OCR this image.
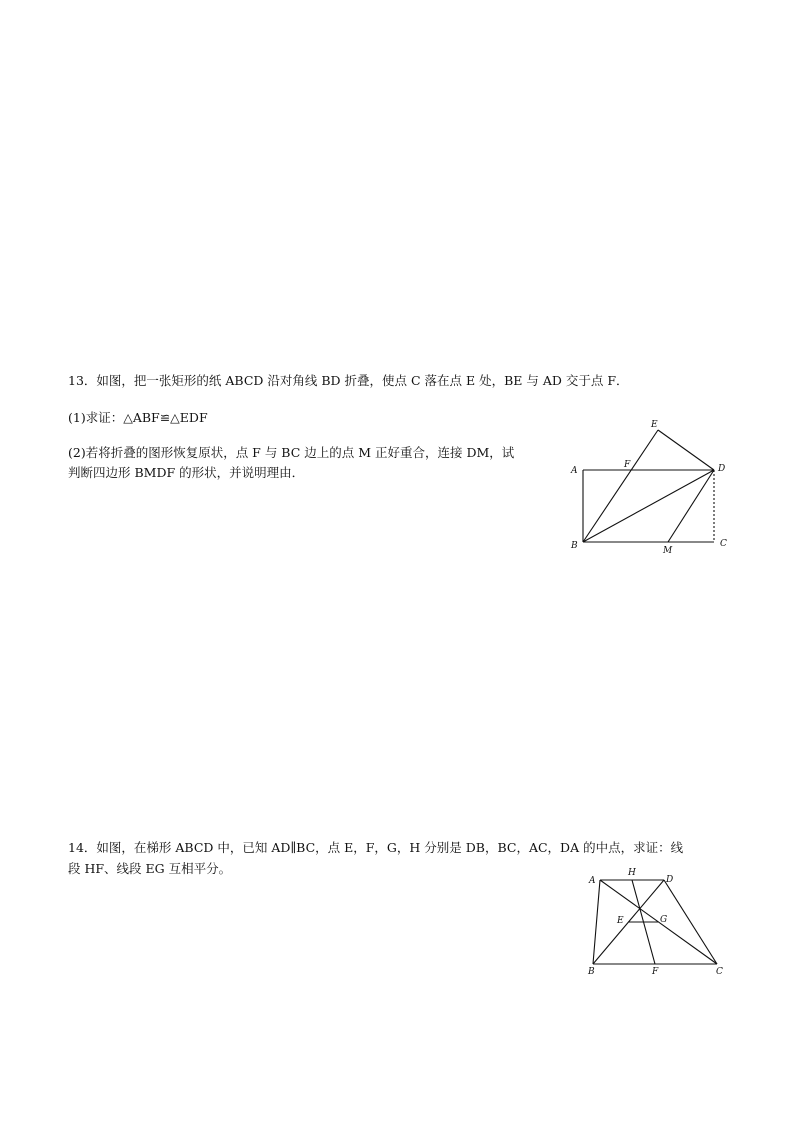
13．如图，把一张矩形的纸 ABCD 沿对角线 BD 折叠，使点 C 落在点 E 处，BE 与 AD 交于点 F．
(1)求证：△ABF≌△EDF
(2)若将折叠的图形恢复原状，点 F 与 BC 边上的点 M 正好重合，连接 DM，试
判断四边形 BMDF 的形状，并说明理由．
E
A
F	D
B	M
C
14．如图，在梯形 ABCD 中，已知 AD∥BC，点 E，F，G，H 分别是 DB，BC，AC，DA 的中点，求证：线
段 HF、线段 EG 互相平分。
A
H
D
E	G
B	F	C
